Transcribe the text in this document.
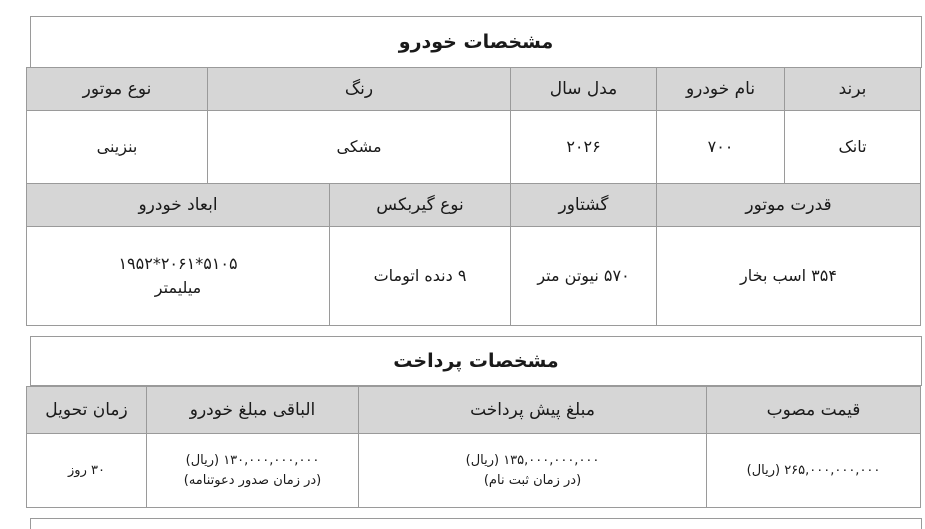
مشخصات خودرو
برند
نام خودرو
مدل سال
رنگ
نوع موتور
تانک
۷۰۰
۲۰۲۶
مشکی
بنزینی
قدرت موتور
گشتاور
نوع گیربکس
ابعاد خودرو
۳۵۴ اسب بخار
۵۷۰ نیوتن متر
۹ دنده اتومات
۵۱۰۵*۲۰۶۱*۱۹۵۲
میلیمتر
مشخصات پرداخت
قیمت مصوب
مبلغ پیش پرداخت
الباقی مبلغ خودرو
زمان تحویل
۲۶۵,۰۰۰,۰۰۰,۰۰۰ (ریال)
۱۳۵,۰۰۰,۰۰۰,۰۰۰ (ریال)
(در زمان ثبت نام)
۱۳۰,۰۰۰,۰۰۰,۰۰۰ (ریال)
(در زمان صدور دعوتنامه)
۳۰ روز
